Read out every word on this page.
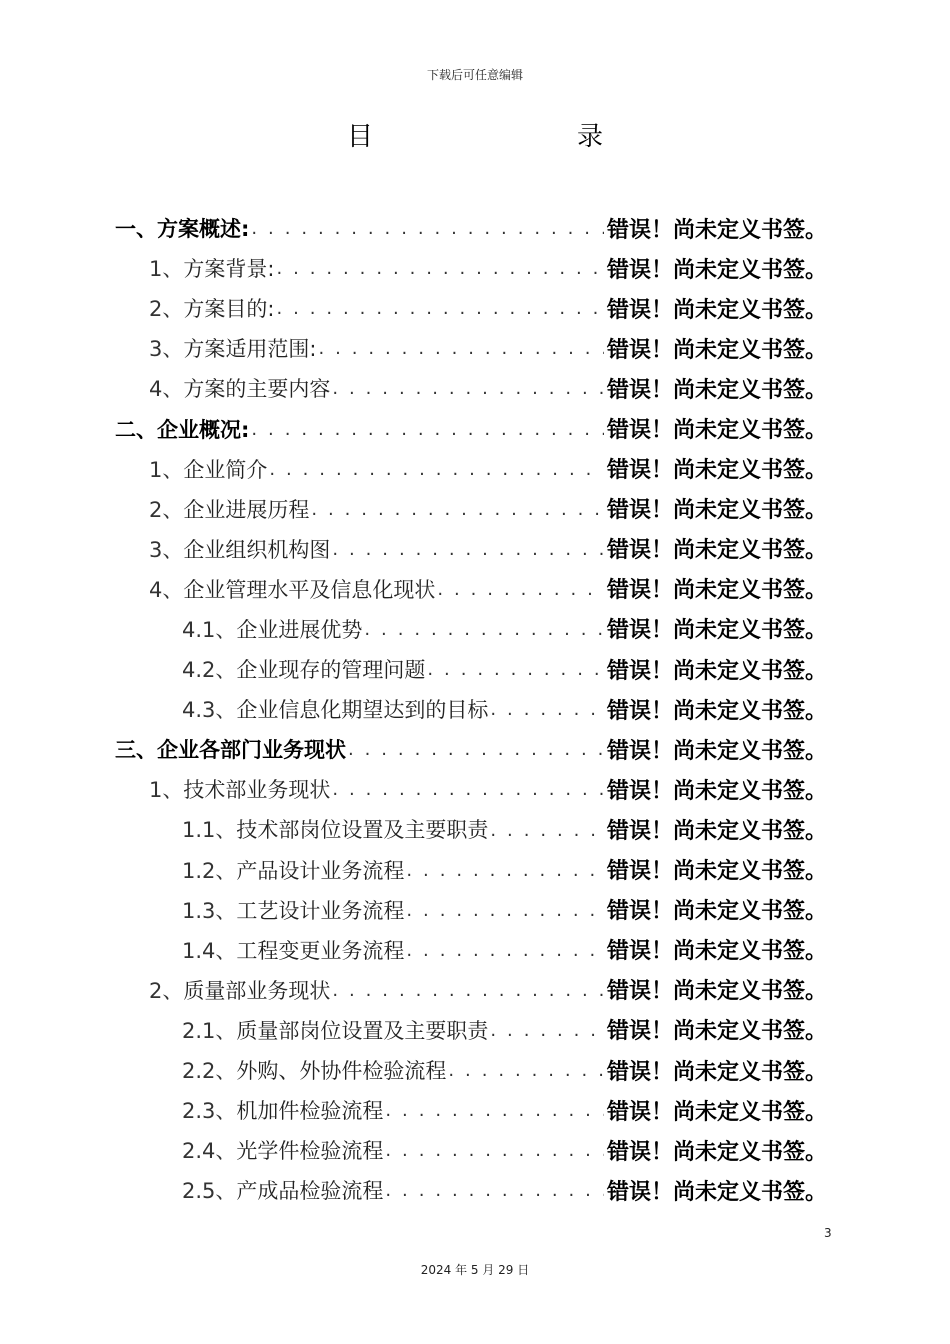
下载后可任意编辑
目	录
一、方案概述: . . .	错误！尚未定义书签。
1、方案背景: . . .	错误！尚未定义书签。
2、方案目的: . . .	错误！尚未定义书签。
3、方案适用范围: . . .	错误！尚未定义书签。
4、方案的主要内容 . . .	错误！尚未定义书签。
二、企业概况: . . .	错误！尚未定义书签。
1、企业简介 . . .	错误！尚未定义书签。
2、企业进展历程 . . .	错误！尚未定义书签。
3、企业组织机构图 . . .	错误！尚未定义书签。
4、企业管理水平及信息化现状 . . .	错误！尚未定义书签。
4.1、企业进展优势 . . .	错误！尚未定义书签。
4.2、企业现存的管理问题 . . .	错误！尚未定义书签。
4.3、企业信息化期望达到的目标 . . .	错误！尚未定义书签。
三、企业各部门业务现状 . . .	错误！尚未定义书签。
1、技术部业务现状 . . .	错误！尚未定义书签。
1.1、技术部岗位设置及主要职责 . . .	错误！尚未定义书签。
1.2、产品设计业务流程 . . .	错误！尚未定义书签。
1.3、工艺设计业务流程 . . .	错误！尚未定义书签。
1.4、工程变更业务流程 . . .	错误！尚未定义书签。
2、质量部业务现状 . . .	错误！尚未定义书签。
2.1、质量部岗位设置及主要职责 . . .	错误！尚未定义书签。
2.2、外购、外协件检验流程 . . .	错误！尚未定义书签。
2.3、机加件检验流程 . . .	错误！尚未定义书签。
2.4、光学件检验流程 . . .	错误！尚未定义书签。
2.5、产成品检验流程 . . .	错误！尚未定义书签。
3
2024 年 5 月 29 日
